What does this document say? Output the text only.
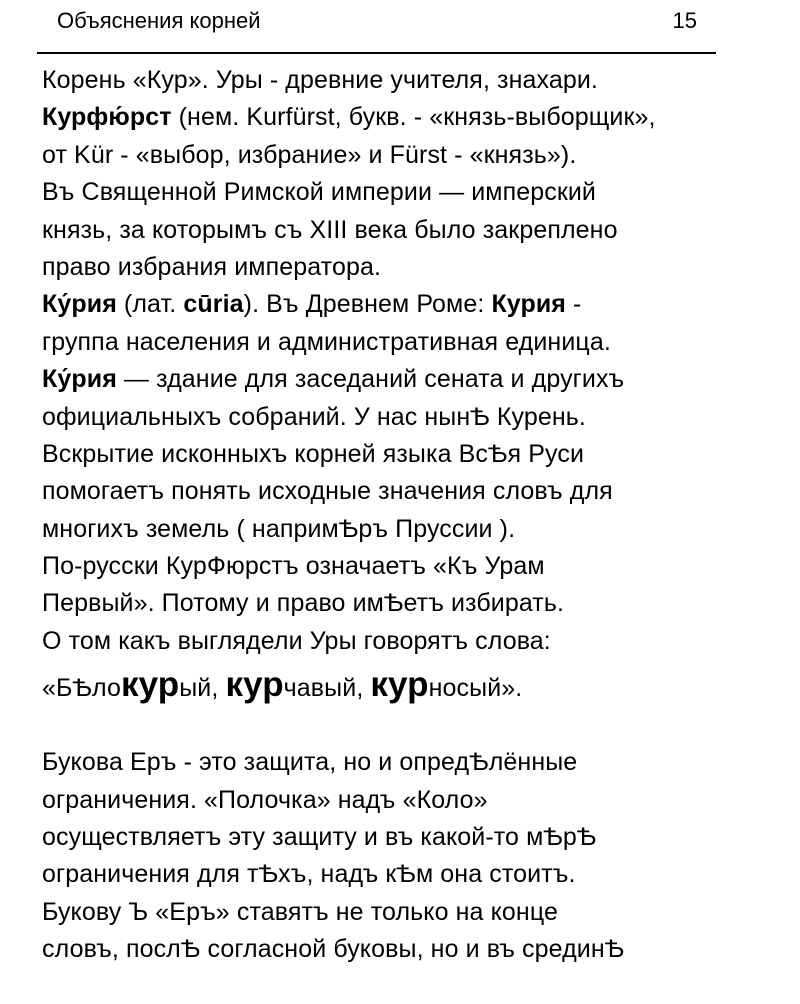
Объяснения корней	15
Корень «Кур». Уры - древние учителя, знахари.
Курфю́рст (нем. Kurfürst, букв. - «князь-выборщик»,
от Kür - «выбор, избрание» и Fürst - «князь»).
Въ Священной Римской империи — имперский
князь, за которымъ съ XIII века было закреплено
право избрания императора.
Ку́рия (лат. cūria). Въ Древнем Роме: Курия -
группа населения и административная единица.
Ку́рия — здание для заседаний сената и другихъ
официальныхъ собраний. У нас нынѢ Курень.
Вскрытие исконныхъ корней языка ВсѢя Руси
помогаетъ понять исходные значения словъ для
многихъ земель ( напримѢръ Пруссии ).
По-русски КурФюрстъ означаетъ «Къ Урам
Первый». Потому и право имѢетъ избирать.
О том какъ выглядели Уры говорятъ слова:
«БѢлокурый, курчавый, курносый».
Букова Еръ - это защита, но и опредѢлённые
ограничения. «Полочка» надъ «Коло»
осуществляетъ эту защиту и въ какой-то мѢрѢ
ограничения для тѢхъ, надъ кѢм она стоитъ.
Букову Ъ «Еръ» ставятъ не только на конце
словъ, послѢ согласной буковы, но и въ срединѢ
